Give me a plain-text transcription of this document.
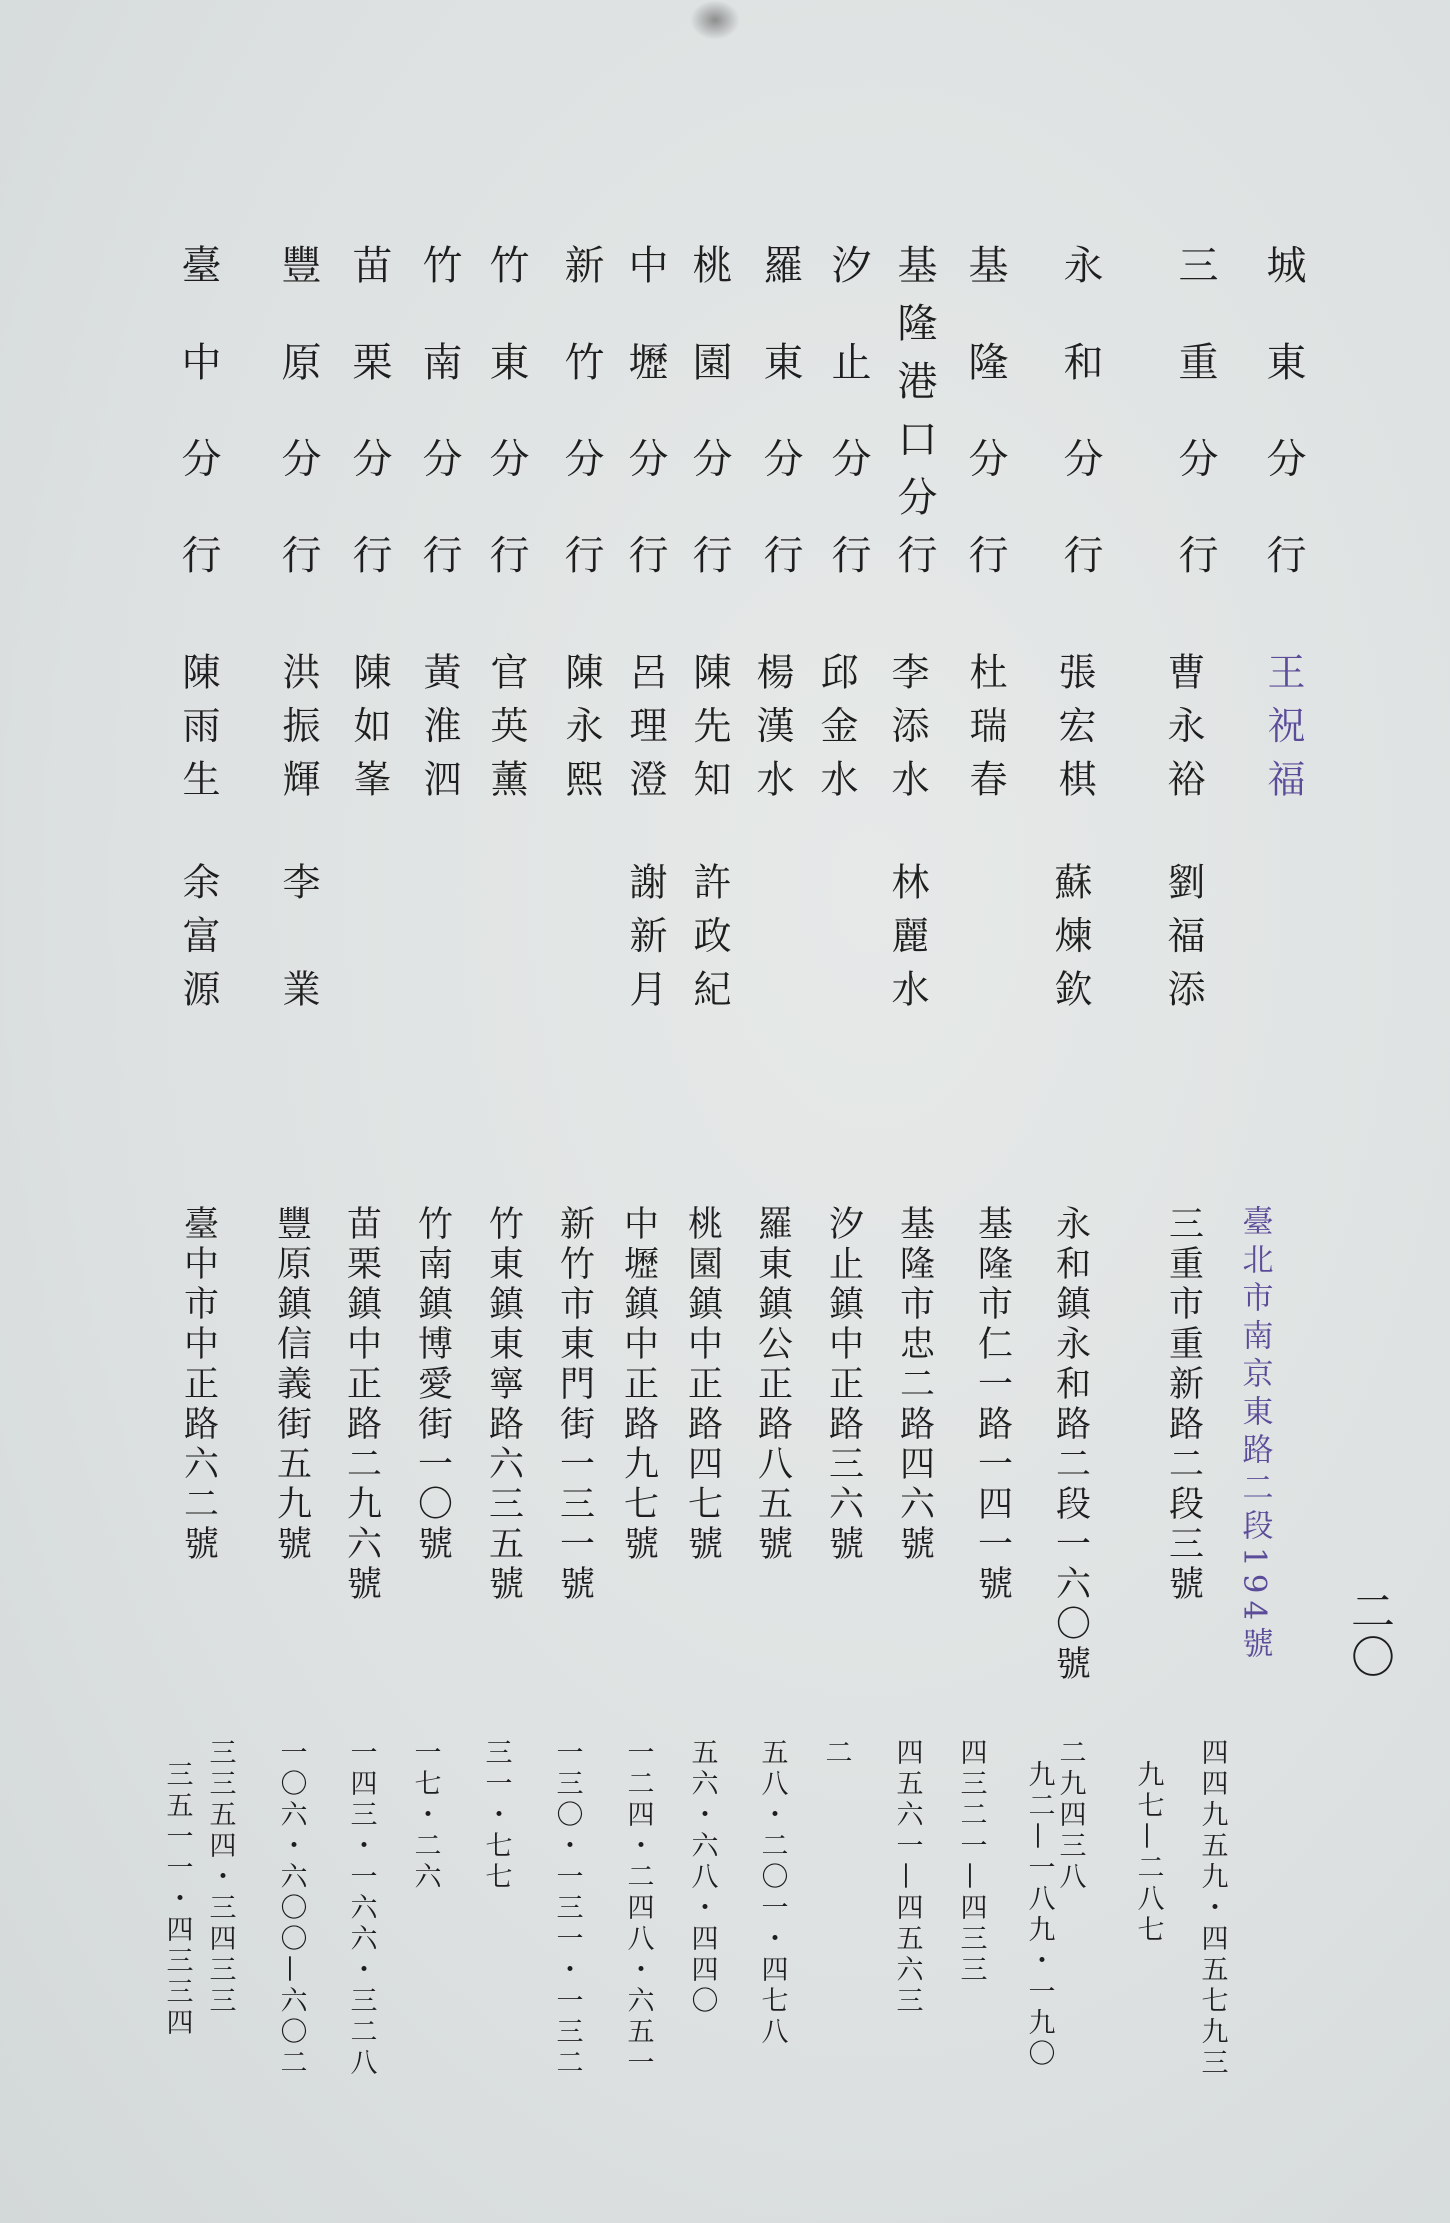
城東分行
王祝福
臺北市南京東路二段194號
三重分行
曹永裕
劉福添
三重市重新路二段三號
四四九五九・四五七九三
九七—二八七
永和分行
張宏棋
蘇煉欽
永和鎮永和路二段一六〇號
二九四三八
九二—一八九・一九〇
基隆分行
杜瑞春
基隆市仁一路一四一號
四三二一—四三三
基隆港口分行
李添水
林麗水
基隆市忠二路四六號
四五六一—四五六三
汐止分行
邱金水
汐止鎮中正路三六號
二
羅東分行
楊漢水
羅東鎮公正路八五號
五八・二〇一・四七八
桃園分行
陳先知
許政紀
桃園鎮中正路四七號
五六・六八・四四〇
中壢分行
呂理澄
謝新月
中壢鎮中正路九七號
一二四・二四八・六五一
新竹分行
陳永熙
新竹市東門街一三一號
一三〇・一三一・一三二
竹東分行
官英薰
竹東鎮東寧路六三五號
三一・七七
竹南分行
黃淮泗
竹南鎮博愛街一〇號
一七・二六
苗栗分行
陳如峯
苗栗鎮中正路二九六號
一四三・一六六・三二八
豐原分行
洪振輝
李業
豐原鎮信義街五九號
一〇六・六〇〇—六〇二
臺中分行
陳雨生
余富源
臺中市中正路六二號
三三五四・三四三三
三五一一・四三三四
二〇
